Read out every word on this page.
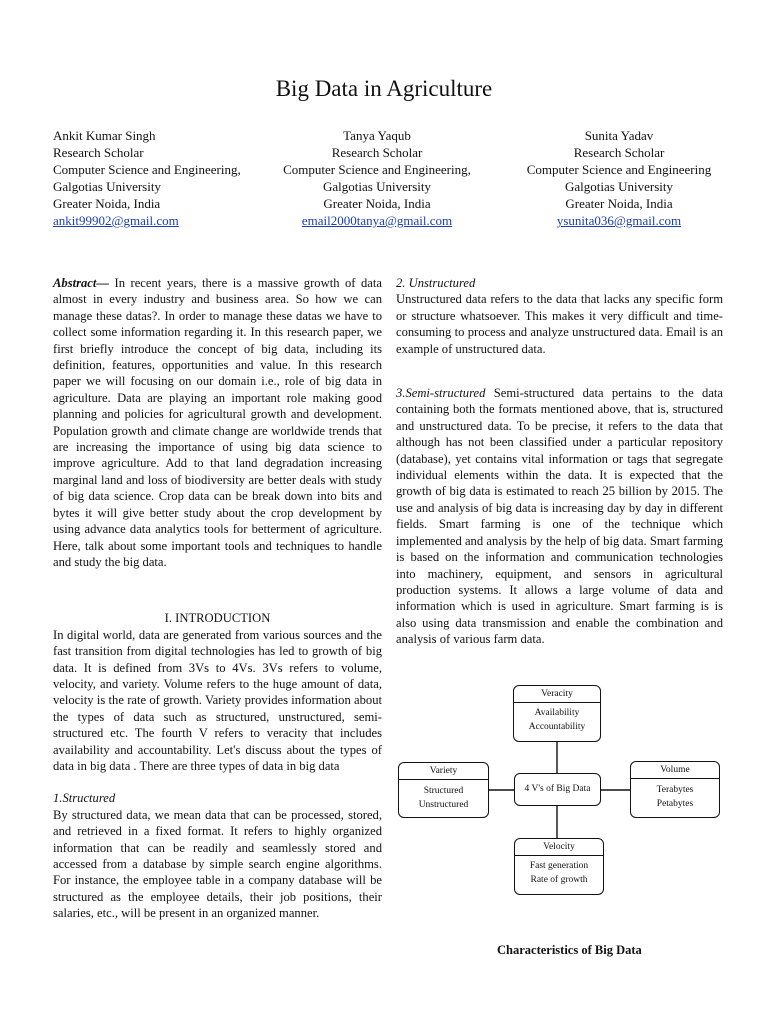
Big Data in Agriculture
Ankit Kumar Singh
Research Scholar
Computer Science and Engineering,
Galgotias University
Greater Noida, India
ankit99902@gmail.com
Tanya Yaqub
Research Scholar
Computer Science and Engineering,
Galgotias University
Greater Noida, India
email2000tanya@gmail.com
Sunita Yadav
Research Scholar
Computer Science and Engineering
Galgotias University
Greater Noida, India
ysunita036@gmail.com

Abstract— In recent years, there is a massive growth of data almost in every industry and business area. So how we can manage these datas?. In order to manage these datas we have to collect some information regarding it. In this research paper, we first briefly introduce the concept of big data, including its definition, features, opportunities and value. In this research paper we will focusing on our domain i.e., role of big data in agriculture. Data are playing an important role making good planning and policies for agricultural growth and development. Population growth and climate change are worldwide trends that are increasing the importance of using big data science to improve agriculture. Add to that land degradation increasing marginal land and loss of biodiversity are better deals with study of big data science. Crop data can be break down into bits and bytes it will give better study about the crop development by using advance data analytics tools for betterment of agriculture. Here, talk about some important tools and techniques to handle and study the big data.

I. INTRODUCTION

In digital world, data are generated from various sources and the fast transition from digital technologies has led to growth of big data. It is defined from 3Vs to 4Vs. 3Vs refers to volume, velocity, and variety. Volume refers to the huge amount of data, velocity is the rate of growth. Variety provides information about the types of data such as structured, unstructured, semi- structured etc. The fourth V refers to veracity that includes availability and accountability. Let's discuss about the types of data in big data . There are three types of data in big data

1.Structured

By structured data, we mean data that can be processed, stored, and retrieved in a fixed format. It refers to highly organized information that can be readily and seamlessly stored and accessed from a database by simple search engine algorithms. For instance, the employee table in a company database will be structured as the employee details, their job positions, their salaries, etc., will be present in an organized manner.

2. Unstructured

Unstructured data refers to the data that lacks any specific form or structure whatsoever. This makes it very difficult and time-consuming to process and analyze unstructured data. Email is an example of unstructured data.

3.Semi-structured Semi-structured data pertains to the data containing both the formats mentioned above, that is, structured and unstructured data. To be precise, it refers to the data that although has not been classified under a particular repository (database), yet contains vital information or tags that segregate individual elements within the data. It is expected that the growth of big data is estimated to reach 25 billion by 2015. The use and analysis of big data is increasing day by day in different fields. Smart farming is one of the technique which implemented and analysis by the help of big data. Smart farming is based on the information and communication technologies into machinery, equipment, and sensors in agricultural production systems. It allows a large volume of data and information which is used in agriculture. Smart farming is is also using data transmission and enable the combination and analysis of various farm data.

Veracity
Availability
Accountability
Variety
Structured
Unstructured
4 V's of Big Data
Volume
Terabytes
Petabytes
Velocity
Fast generation
Rate of growth
Characteristics of Big Data
